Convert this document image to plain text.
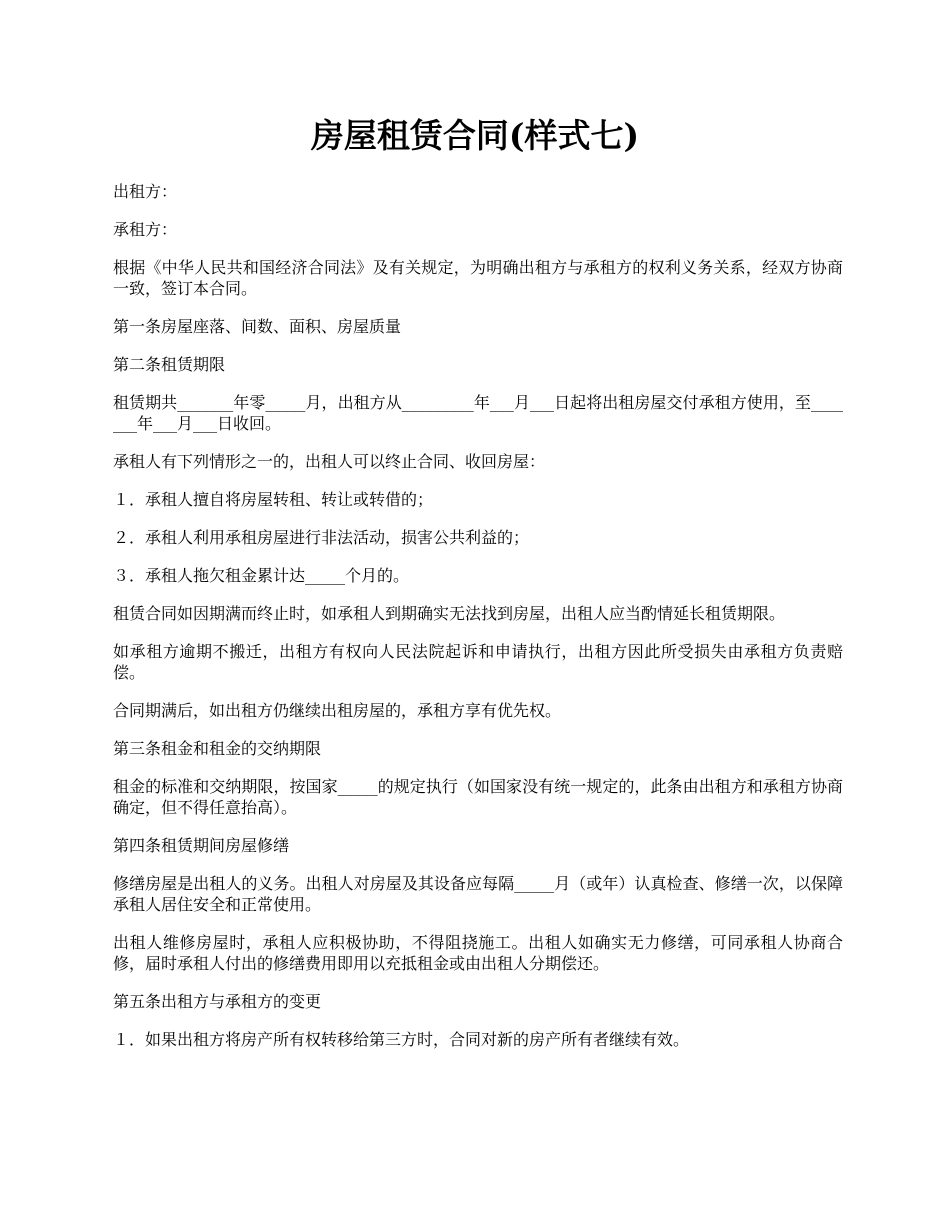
房屋租赁合同(样式七)

出租方：

承租方：

根据《中华人民共和国经济合同法》及有关规定，为明确出租方与承租方的权利义务关系，经双方协商一致，签订本合同。

第一条房屋座落、间数、面积、房屋质量

第二条租赁期限

租赁期共_______年零_____月，出租方从_________年___月___日起将出租房屋交付承租方使用，至_______年___月___日收回。

承租人有下列情形之一的，出租人可以终止合同、收回房屋：

１．承租人擅自将房屋转租、转让或转借的；

２．承租人利用承租房屋进行非法活动，损害公共利益的；

３．承租人拖欠租金累计达_____个月的。

租赁合同如因期满而终止时，如承租人到期确实无法找到房屋，出租人应当酌情延长租赁期限。

如承租方逾期不搬迁，出租方有权向人民法院起诉和申请执行，出租方因此所受损失由承租方负责赔偿。

合同期满后，如出租方仍继续出租房屋的，承租方享有优先权。

第三条租金和租金的交纳期限

租金的标准和交纳期限，按国家_____的规定执行（如国家没有统一规定的，此条由出租方和承租方协商确定，但不得任意抬高）。

第四条租赁期间房屋修缮

修缮房屋是出租人的义务。出租人对房屋及其设备应每隔_____月（或年）认真检查、修缮一次，以保障承租人居住安全和正常使用。

出租人维修房屋时，承租人应积极协助，不得阻挠施工。出租人如确实无力修缮，可同承租人协商合修，届时承租人付出的修缮费用即用以充抵租金或由出租人分期偿还。

第五条出租方与承租方的变更

１．如果出租方将房产所有权转移给第三方时，合同对新的房产所有者继续有效。
